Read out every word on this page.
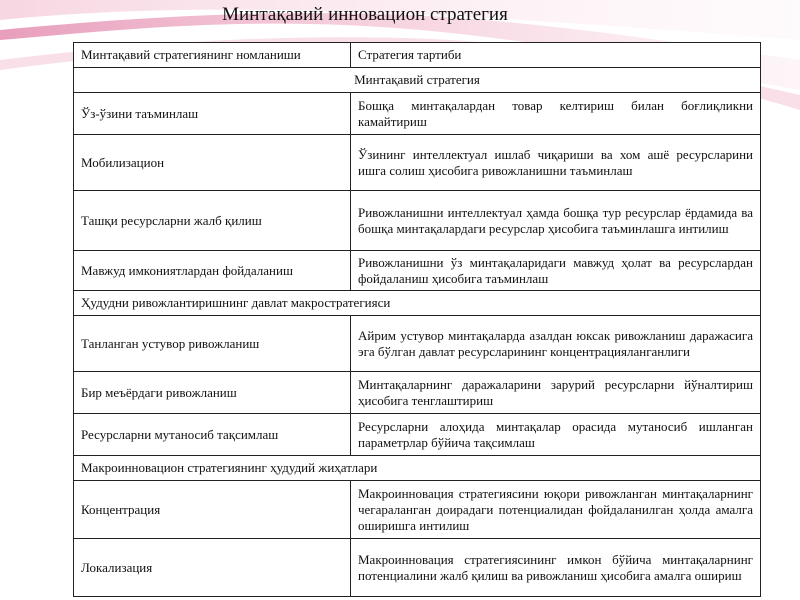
Минтақавий инновацион стратегия
Минтақавий стратегиянинг номланиши	Стратегия тартиби
Минтақавий стратегия	
Ўз-ўзини таъминлаш	Бошқа минтақалардан товар келтириш билан боғлиқликни камайтириш
Мобилизацион	Ўзининг интеллектуал ишлаб чиқариши ва хом ашё ресурсларини ишга солиш ҳисобига ривожланишни таъминлаш
Ташқи ресурсларни жалб қилиш	Ривожланишни интеллектуал ҳамда бошқа тур ресурслар ёрдамида ва бошқа минтақалардаги ресурслар ҳисобига таъминлашга интилиш
Мавжуд имкониятлардан фойдаланиш	Ривожланишни ўз минтақаларидаги мавжуд ҳолат ва ресурслардан фойдаланиш ҳисобига таъминлаш
Ҳудудни ривожлантиришнинг давлат макростратегияси	
Танланган устувор ривожланиш	Айрим устувор минтақаларда азалдан юксак ривожланиш даражасига эга бўлган давлат ресурсларининг концентрацияланганлиги
Бир меъёрдаги ривожланиш	Минтақаларнинг даражаларини зарурий ресурсларни йўналтириш ҳисобига тенглаштириш
Ресурсларни мутаносиб тақсимлаш	Ресурсларни алоҳида минтақалар орасида мутаносиб ишланган параметрлар бўйича тақсимлаш
Макроинновацион стратегиянинг ҳудудий жиҳатлари	
Концентрация	Макроинновация стратегиясини юқори ривожланган минтақаларнинг чегараланган доирадаги потенциалидан фойдаланилган ҳолда амалга оширишга интилиш
Локализация	Макроинновация стратегиясининг имкон бўйича минтақаларнинг потенциалини жалб қилиш ва ривожланиш ҳисобига амалга ошириш
